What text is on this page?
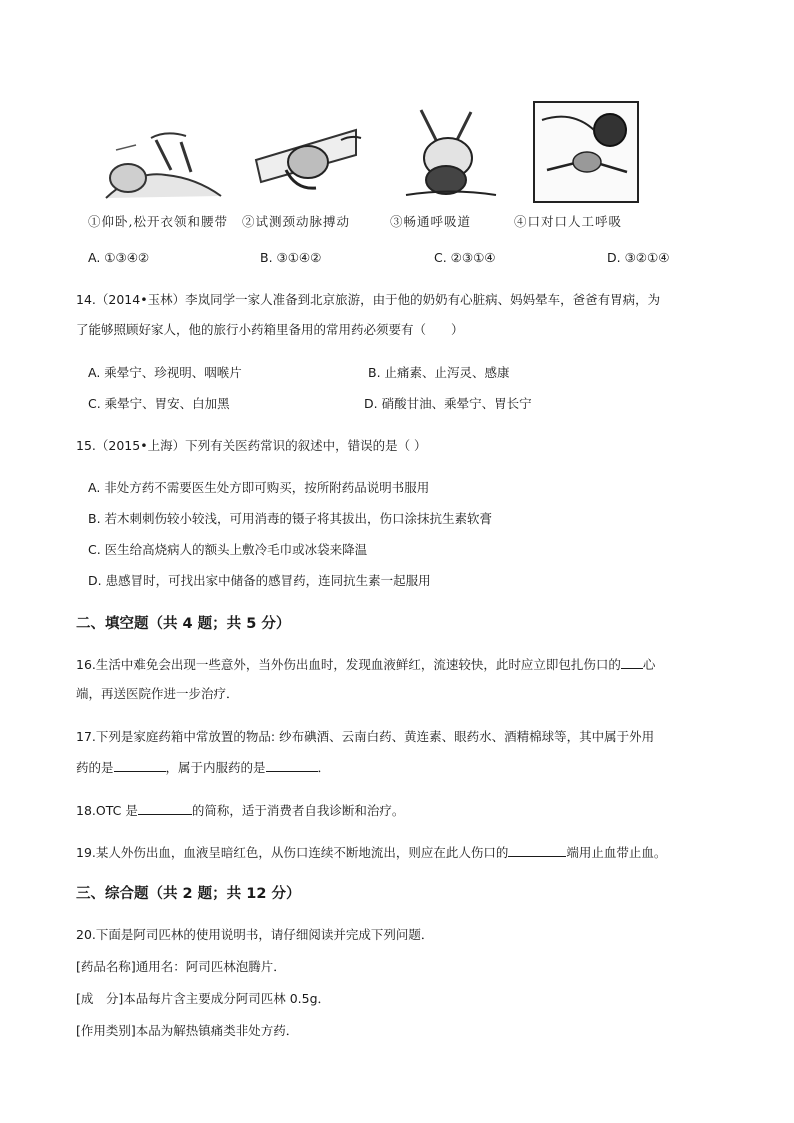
①仰卧,松开衣领和腰带 ②试测颈动脉搏动	③畅通呼吸道	④口对口人工呼吸
A. ①③④②	B. ③①④②	C. ②③①④	D. ③②①④
14.（2014•玉林）李岚同学一家人准备到北京旅游，由于他的奶奶有心脏病、妈妈晕车，爸爸有胃病，为
了能够照顾好家人，他的旅行小药箱里备用的常用药必须要有（　　）
A. 乘晕宁、珍视明、咽喉片	B. 止痛素、止泻灵、感康
C. 乘晕宁、胃安、白加黑	D. 硝酸甘油、乘晕宁、胃长宁
15.（2015•上海）下列有关医药常识的叙述中，错误的是（ ）
A. 非处方药不需要医生处方即可购买，按所附药品说明书服用
B. 若木刺刺伤较小较浅，可用消毒的镊子将其拔出，伤口涂抹抗生素软膏
C. 医生给高烧病人的额头上敷冷毛巾或冰袋来降温
D. 患感冒时，可找出家中储备的感冒药，连同抗生素一起服用
二、填空题（共 4 题；共 5 分）
16.生活中难免会出现一些意外，当外伤出血时，发现血液鲜红，流速较快，此时应立即包扎伤口的 心
端，再送医院作进一步治疗．
17.下列是家庭药箱中常放置的物品: 纱布碘酒、云南白药、黄连素、眼药水、酒精棉球等，其中属于外用
药的是	，属于内服药的是	．
18.OTC 是	的简称，适于消费者自我诊断和治疗。
19.某人外伤出血，血液呈暗红色，从伤口连续不断地流出，则应在此人伤口的	端用止血带止血。
三、综合题（共 2 题；共 12 分）
20.下面是阿司匹林的使用说明书，请仔细阅读并完成下列问题．
[药品名称]通用名：阿司匹林泡腾片．
[成　分]本品每片含主要成分阿司匹林 0.5g．
[作用类别]本品为解热镇痛类非处方药．
